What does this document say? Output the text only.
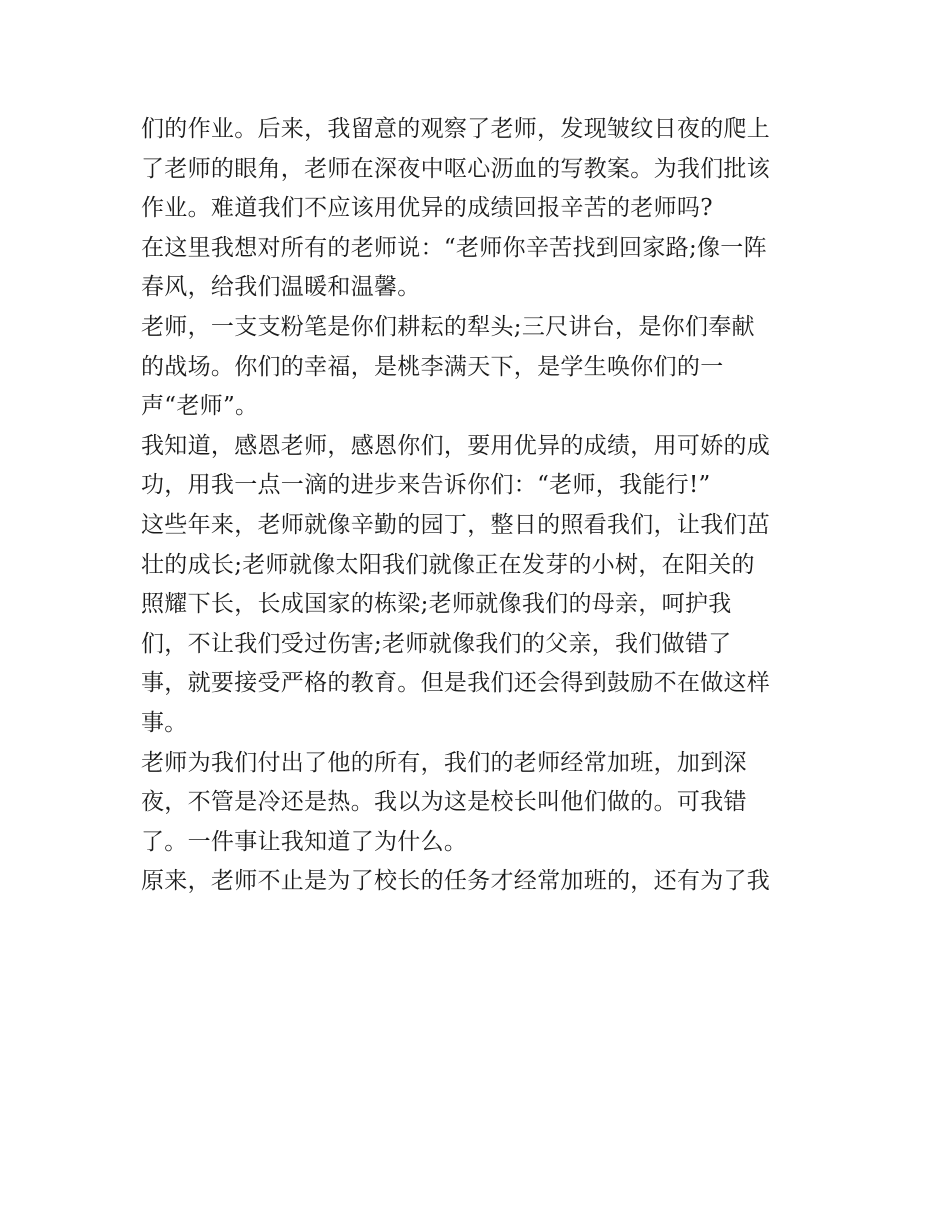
们的作业。后来，我留意的观察了老师，发现皱纹日夜的爬上
了老师的眼角，老师在深夜中呕心沥血的写教案。为我们批该
作业。难道我们不应该用优异的成绩回报辛苦的老师吗?
在这里我想对所有的老师说：“老师你辛苦找到回家路;像一阵
春风，给我们温暖和温馨。
老师，一支支粉笔是你们耕耘的犁头;三尺讲台，是你们奉献
的战场。你们的幸福，是桃李满天下，是学生唤你们的一
声“老师”。
我知道，感恩老师，感恩你们，要用优异的成绩，用可娇的成
功，用我一点一滴的进步来告诉你们：“老师，我能行!”
这些年来，老师就像辛勤的园丁，整日的照看我们，让我们茁
壮的成长;老师就像太阳我们就像正在发芽的小树，在阳关的
照耀下长，长成国家的栋梁;老师就像我们的母亲，呵护我
们，不让我们受过伤害;老师就像我们的父亲，我们做错了
事，就要接受严格的教育。但是我们还会得到鼓励不在做这样
事。
老师为我们付出了他的所有，我们的老师经常加班，加到深
夜，不管是冷还是热。我以为这是校长叫他们做的。可我错
了。一件事让我知道了为什么。
原来，老师不止是为了校长的任务才经常加班的，还有为了我
